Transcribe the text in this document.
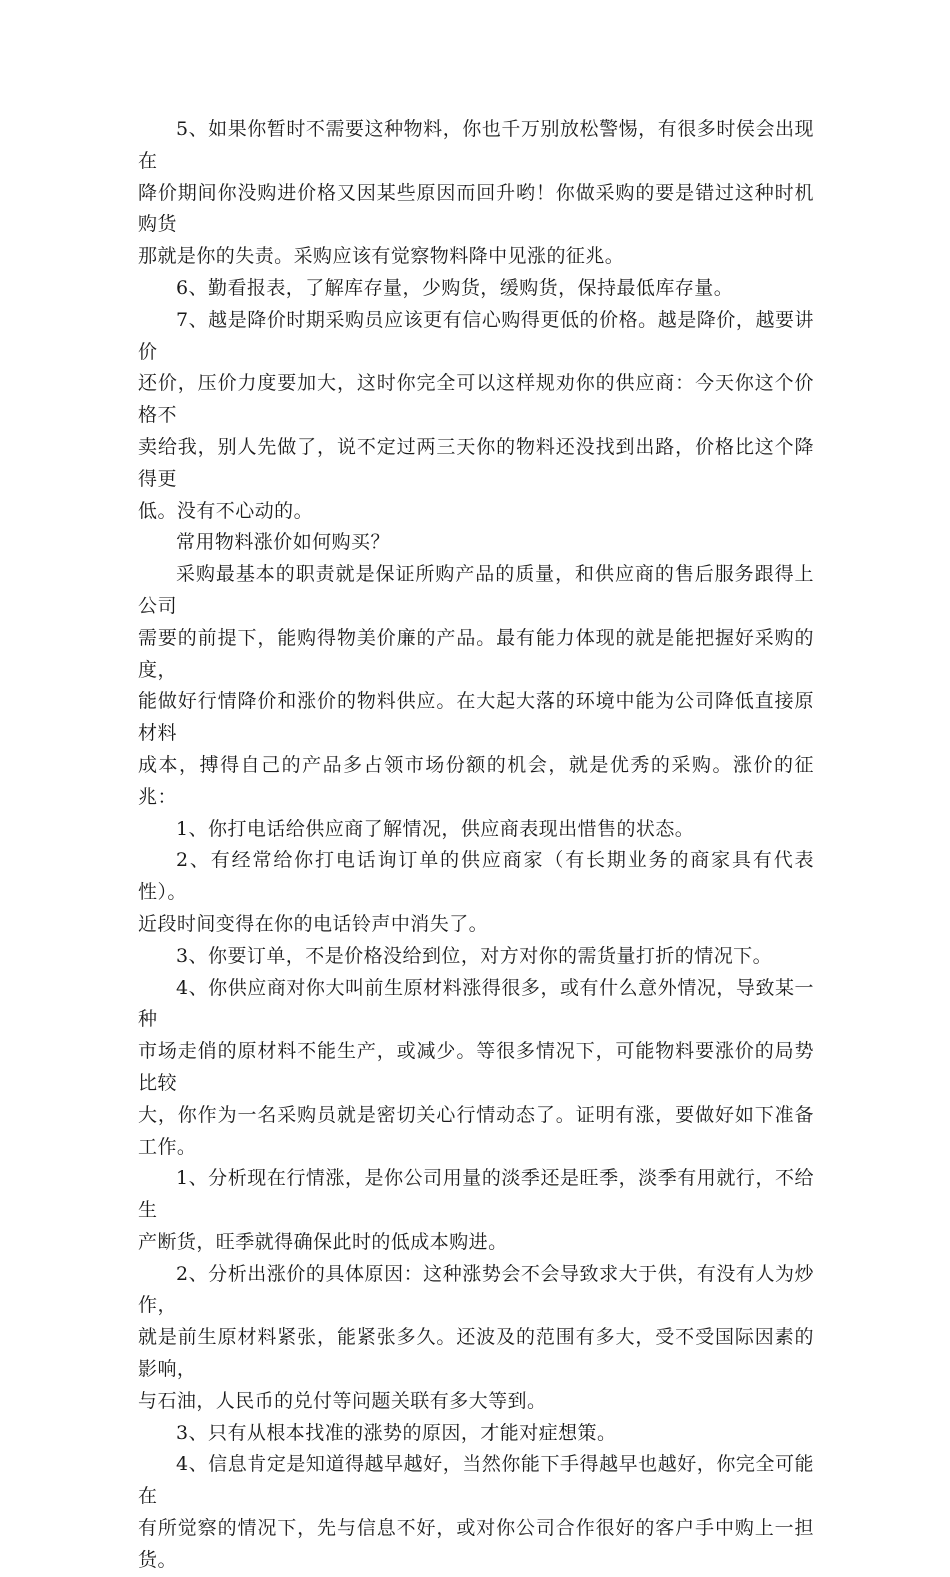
5、如果你暂时不需要这种物料，你也千万别放松警惕，有很多时侯会出现在

降价期间你没购进价格又因某些原因而回升哟！你做采购的要是错过这种时机购货

那就是你的失责。采购应该有觉察物料降中见涨的征兆。

6、勤看报表，了解库存量，少购货，缓购货，保持最低库存量。

7、越是降价时期采购员应该更有信心购得更低的价格。越是降价，越要讲价

还价，压价力度要加大，这时你完全可以这样规劝你的供应商：今天你这个价格不

卖给我，别人先做了，说不定过两三天你的物料还没找到出路，价格比这个降得更

低。没有不心动的。

常用物料涨价如何购买？

采购最基本的职责就是保证所购产品的质量，和供应商的售后服务跟得上公司

需要的前提下，能购得物美价廉的产品。最有能力体现的就是能把握好采购的度，

能做好行情降价和涨价的物料供应。在大起大落的环境中能为公司降低直接原材料

成本，搏得自己的产品多占领市场份额的机会，就是优秀的采购。涨价的征兆：

1、你打电话给供应商了解情况，供应商表现出惜售的状态。

2、有经常给你打电话询订单的供应商家（有长期业务的商家具有代表性）。

近段时间变得在你的电话铃声中消失了。

3、你要订单，不是价格没给到位，对方对你的需货量打折的情况下。

4、你供应商对你大叫前生原材料涨得很多，或有什么意外情况，导致某一种

市场走俏的原材料不能生产，或减少。等很多情况下，可能物料要涨价的局势比较

大，你作为一名采购员就是密切关心行情动态了。证明有涨，要做好如下准备工作。

1、分析现在行情涨，是你公司用量的淡季还是旺季，淡季有用就行，不给生

产断货，旺季就得确保此时的低成本购进。

2、分析出涨价的具体原因：这种涨势会不会导致求大于供，有没有人为炒作，

就是前生原材料紧张，能紧张多久。还波及的范围有多大，受不受国际因素的影响，

与石油，人民币的兑付等问题关联有多大等到。

3、只有从根本找准的涨势的原因，才能对症想策。

4、信息肯定是知道得越早越好，当然你能下手得越早也越好，你完全可能在

有所觉察的情况下，先与信息不好，或对你公司合作很好的客户手中购上一担货。
